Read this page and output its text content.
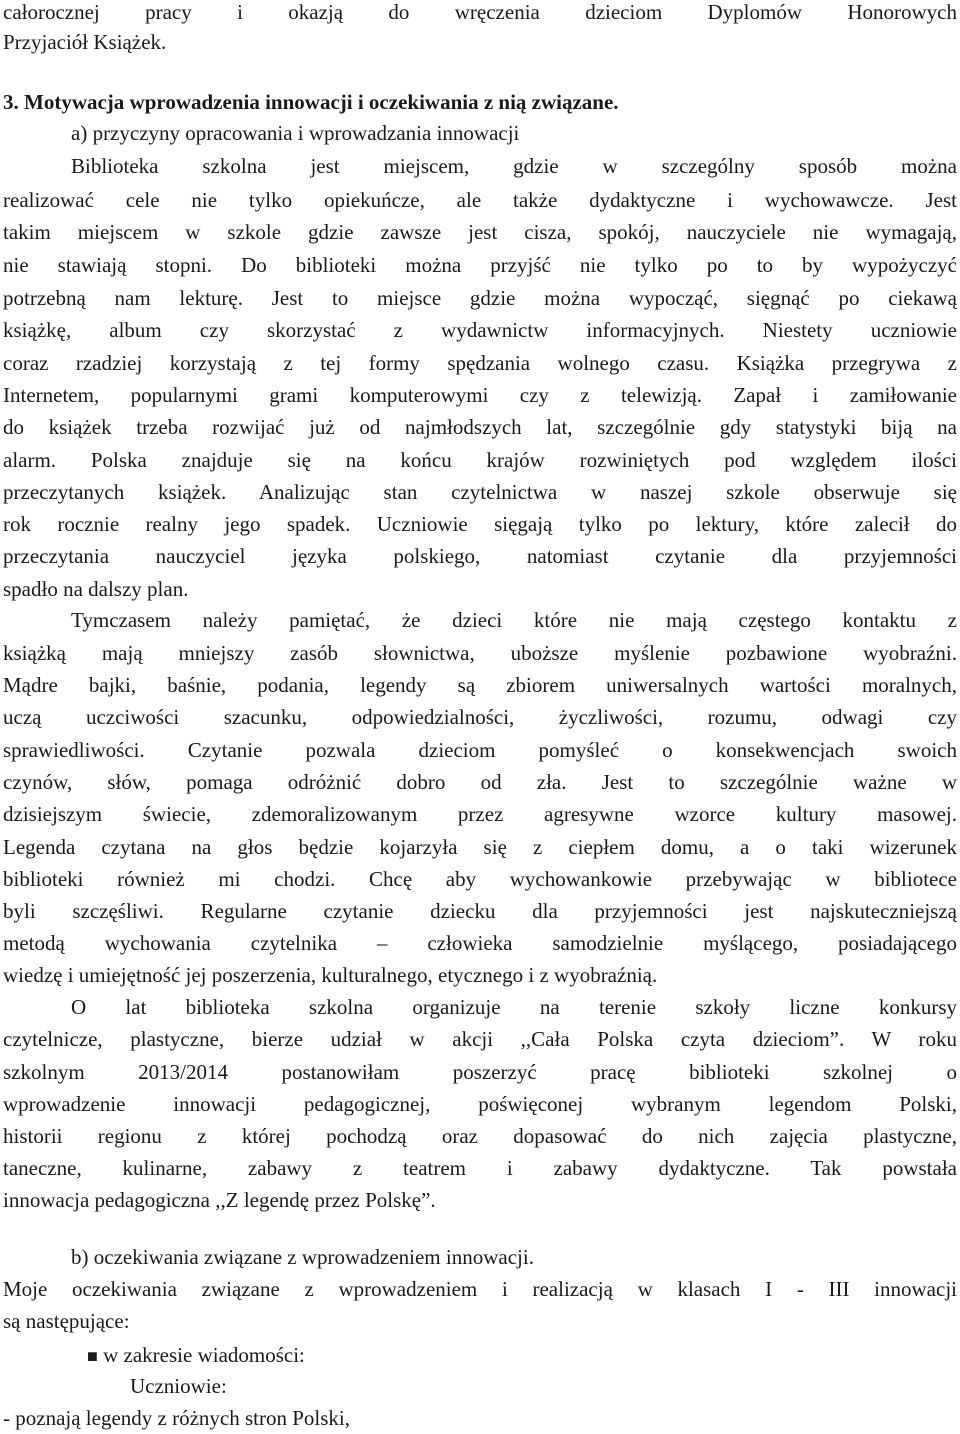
całorocznej pracy i okazją do wręczenia dzieciom Dyplomów Honorowych
Przyjaciół Książek.
3. Motywacja wprowadzenia innowacji i oczekiwania z nią związane.
a) przyczyny opracowania i wprowadzania innowacji
Biblioteka szkolna jest miejscem, gdzie w szczególny sposób można
realizować cele nie tylko opiekuńcze, ale także dydaktyczne i wychowawcze. Jest
takim miejscem w szkole gdzie zawsze jest cisza, spokój, nauczyciele nie wymagają,
nie stawiają stopni. Do biblioteki można przyjść nie tylko po to by wypożyczyć
potrzebną nam lekturę. Jest to miejsce gdzie można wypocząć, sięgnąć po ciekawą
książkę, album czy skorzystać z wydawnictw informacyjnych. Niestety uczniowie
coraz rzadziej korzystają z tej formy spędzania wolnego czasu. Książka przegrywa z
Internetem, popularnymi grami komputerowymi czy z telewizją. Zapał i zamiłowanie
do książek trzeba rozwijać już od najmłodszych lat, szczególnie gdy statystyki biją na
alarm. Polska znajduje się na końcu krajów rozwiniętych pod względem ilości
przeczytanych książek. Analizując stan czytelnictwa w naszej szkole obserwuje się
rok rocznie realny jego spadek. Uczniowie sięgają tylko po lektury, które zalecił do
przeczytania nauczyciel języka polskiego, natomiast czytanie dla przyjemności
spadło na dalszy plan.
Tymczasem należy pamiętać, że dzieci które nie mają częstego kontaktu z
książką mają mniejszy zasób słownictwa, uboższe myślenie pozbawione wyobraźni.
Mądre bajki, baśnie, podania, legendy są zbiorem uniwersalnych wartości moralnych,
uczą uczciwości szacunku, odpowiedzialności, życzliwości, rozumu, odwagi czy
sprawiedliwości. Czytanie pozwala dzieciom pomyśleć o konsekwencjach swoich
czynów, słów, pomaga odróżnić dobro od zła. Jest to szczególnie ważne w
dzisiejszym świecie, zdemoralizowanym przez agresywne wzorce kultury masowej.
Legenda czytana na głos będzie kojarzyła się z ciepłem domu, a o taki wizerunek
biblioteki również mi chodzi. Chcę aby wychowankowie przebywając w bibliotece
byli szczęśliwi. Regularne czytanie dziecku dla przyjemności jest najskuteczniejszą
metodą wychowania czytelnika – człowieka samodzielnie myślącego, posiadającego
wiedzę i umiejętność jej poszerzenia, kulturalnego, etycznego i z wyobraźnią.
O lat biblioteka szkolna organizuje na terenie szkoły liczne konkursy
czytelnicze, plastyczne, bierze udział w akcji ,,Cała Polska czyta dzieciom”. W roku
szkolnym 2013/2014 postanowiłam poszerzyć pracę biblioteki szkolnej o
wprowadzenie innowacji pedagogicznej, poświęconej wybranym legendom Polski,
historii regionu z której pochodzą oraz dopasować do nich zajęcia plastyczne,
taneczne, kulinarne, zabawy z teatrem i zabawy dydaktyczne. Tak powstała
innowacja pedagogiczna ,,Z legendę przez Polskę”.
b) oczekiwania związane z wprowadzeniem innowacji.
Moje oczekiwania związane z wprowadzeniem i realizacją w klasach I - III innowacji
są następujące:
■ w zakresie wiadomości:
Uczniowie:
- poznają legendy z różnych stron Polski,
